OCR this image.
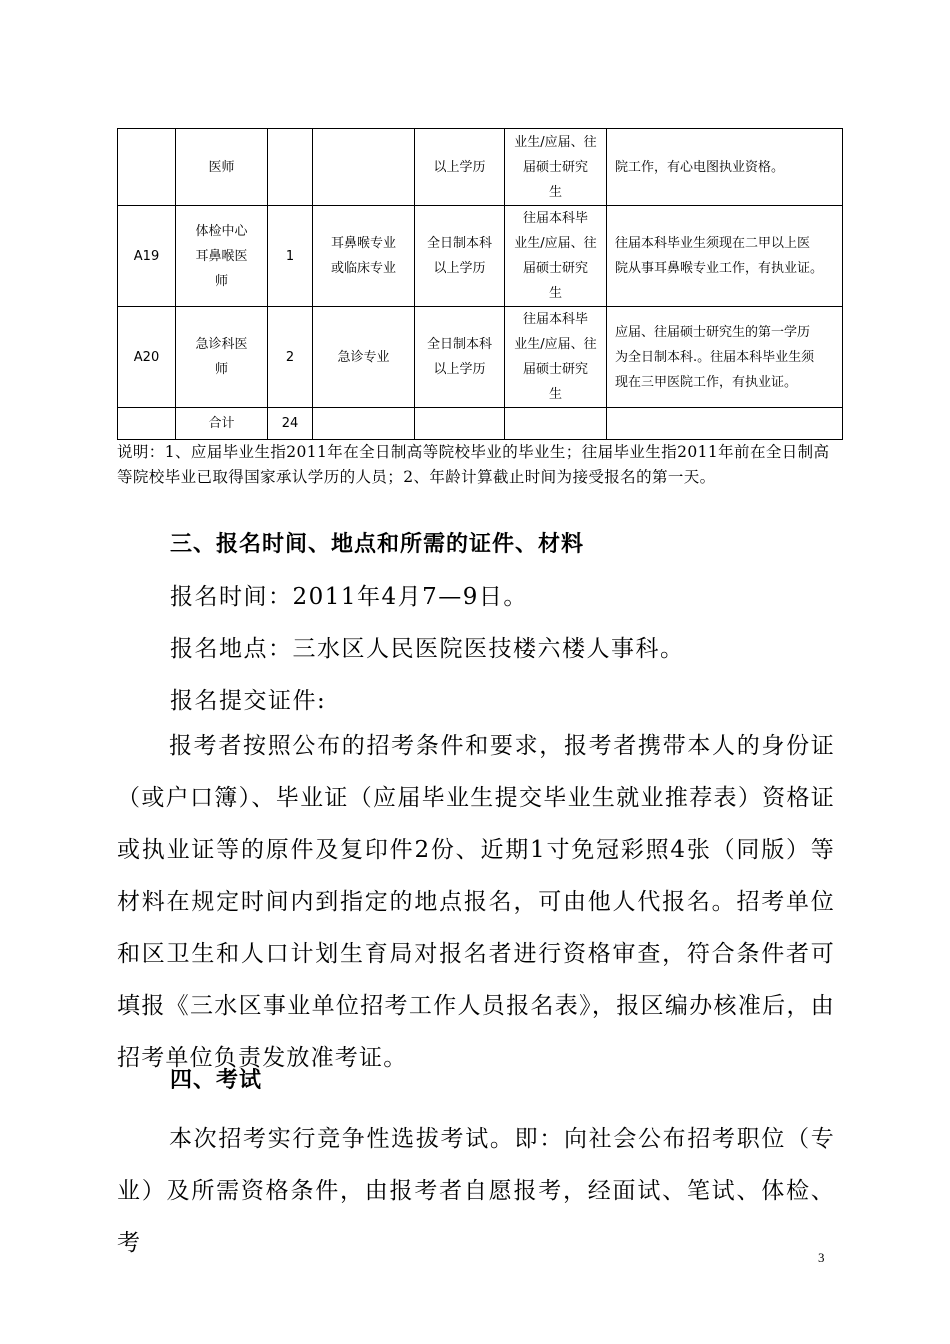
	医师			以上学历	业生/应届、往
届硕士研究
生	院工作，有心电图执业资格。

A19	体检中心
耳鼻喉医
师	1	耳鼻喉专业
或临床专业	全日制本科
以上学历	往届本科毕
业生/应届、往
届硕士研究
生	往届本科毕业生须现在二甲以上医
院从事耳鼻喉专业工作，有执业证。

A20	急诊科医
师	2	急诊专业	全日制本科
以上学历	往届本科毕
业生/应届、往
届硕士研究
生	应届、往届硕士研究生的第一学历
为全日制本科.。往届本科毕业生须
现在三甲医院工作，有执业证。

	合计	24				
说明：1、应届毕业生指2011年在全日制高等院校毕业的毕业生；往届毕业生指2011年前在全日制高等院校毕业已取得国家承认学历的人员；2、年龄计算截止时间为接受报名的第一天。
三、报名时间、地点和所需的证件、材料
报名时间：2011年4月7—9日。
报名地点：三水区人民医院医技楼六楼人事科。
报名提交证件:
报考者按照公布的招考条件和要求，报考者携带本人的身份证（或户口簿）、毕业证（应届毕业生提交毕业生就业推荐表）资格证或执业证等的原件及复印件2份、近期1寸免冠彩照4张（同版）等材料在规定时间内到指定的地点报名，可由他人代报名。招考单位和区卫生和人口计划生育局对报名者进行资格审查，符合条件者可填报《三水区事业单位招考工作人员报名表》，报区编办核准后，由招考单位负责发放准考证。
四、考试
本次招考实行竞争性选拔考试。即：向社会公布招考职位（专业）及所需资格条件，由报考者自愿报考，经面试、笔试、体检、考
3
